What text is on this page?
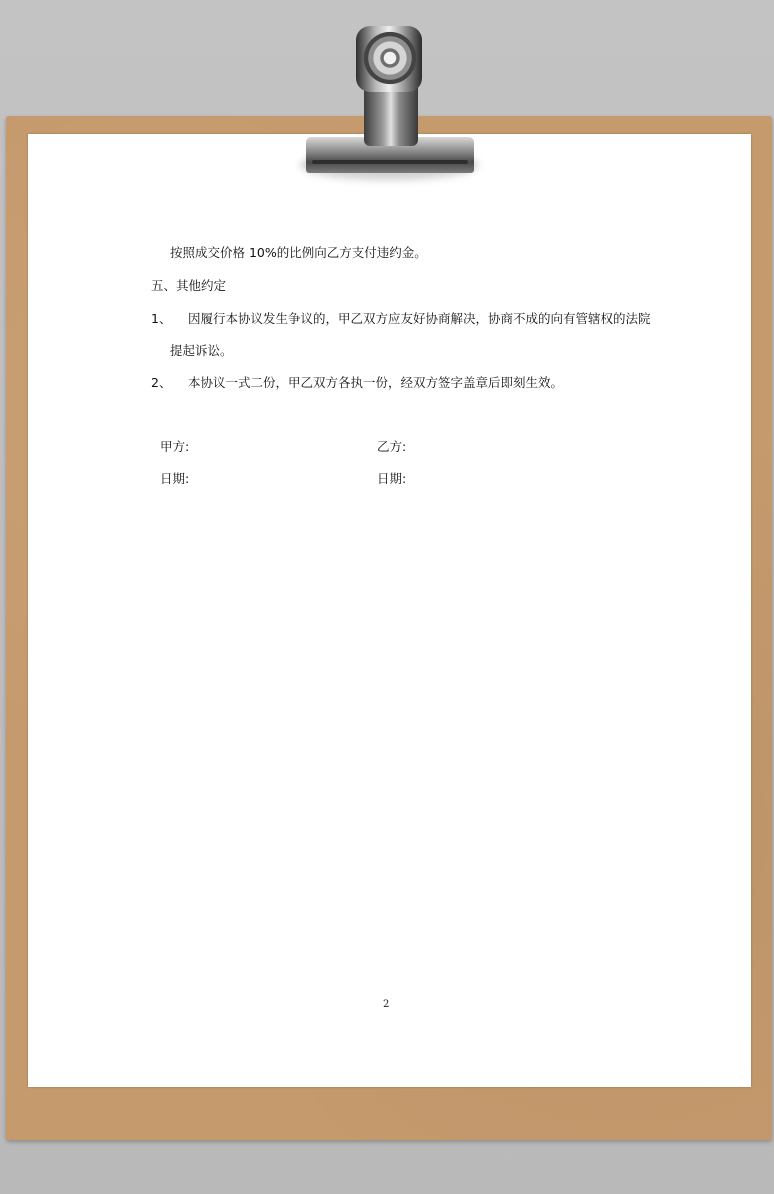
按照成交价格 10%的比例向乙方支付违约金。
五、其他约定
1、 因履行本协议发生争议的，甲乙双方应友好协商解决，协商不成的向有管辖权的法院
提起诉讼。
2、 本协议一式二份，甲乙双方各执一份，经双方签字盖章后即刻生效。
甲方:	乙方:
日期:	日期:
2
